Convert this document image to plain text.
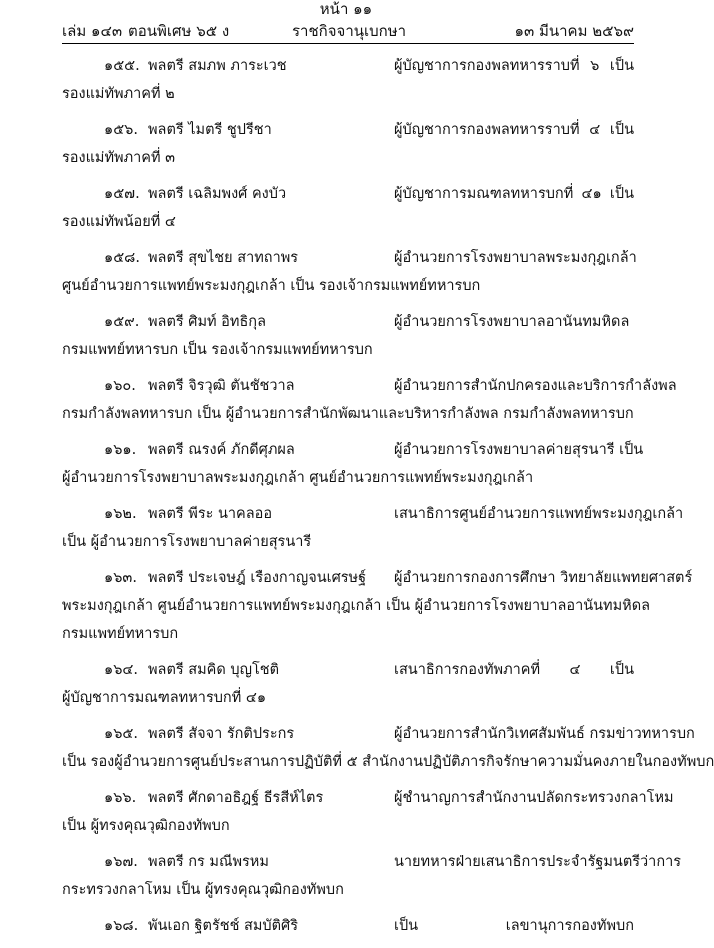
หน้า ๑๑
เล่ม ๑๔๓ ตอนพิเศษ ๖๕ ง	ราชกิจจานุเบกษา	๑๓ มีนาคม ๒๕๖๙
๑๕๕. พลตรี สมภพ ภาระเวช	ผู้บัญชาการกองพลทหารราบที่ ๖ เป็น
รองแม่ทัพภาคที่ ๒
๑๕๖. พลตรี ไมตรี ชูปรีชา	ผู้บัญชาการกองพลทหารราบที่ ๔ เป็น
รองแม่ทัพภาคที่ ๓
๑๕๗. พลตรี เฉลิมพงศ์ คงบัว	ผู้บัญชาการมณฑลทหารบกที่ ๔๑ เป็น
รองแม่ทัพน้อยที่ ๔
๑๕๘. พลตรี สุขไชย สาทถาพร	ผู้อำนวยการโรงพยาบาลพระมงกุฎเกล้า
ศูนย์อำนวยการแพทย์พระมงกุฎเกล้า เป็น รองเจ้ากรมแพทย์ทหารบก
๑๕๙. พลตรี ศิมท์ อิทธิกุล	ผู้อำนวยการโรงพยาบาลอานันทมหิดล
กรมแพทย์ทหารบก เป็น รองเจ้ากรมแพทย์ทหารบก
๑๖๐. พลตรี จิรวุฒิ ตันชัชวาล	ผู้อำนวยการสำนักปกครองและบริการกำลังพล
กรมกำลังพลทหารบก เป็น ผู้อำนวยการสำนักพัฒนาและบริหารกำลังพล กรมกำลังพลทหารบก
๑๖๑. พลตรี ณรงค์ ภักดีศุภผล	ผู้อำนวยการโรงพยาบาลค่ายสุรนารี เป็น
ผู้อำนวยการโรงพยาบาลพระมงกุฎเกล้า ศูนย์อำนวยการแพทย์พระมงกุฎเกล้า
๑๖๒. พลตรี พีระ นาคลออ	เสนาธิการศูนย์อำนวยการแพทย์พระมงกุฎเกล้า
เป็น ผู้อำนวยการโรงพยาบาลค่ายสุรนารี
๑๖๓. พลตรี ประเจษฎ์ เรืองกาญจนเศรษฐ์ ผู้อำนวยการกองการศึกษา วิทยาลัยแพทยศาสตร์
พระมงกุฎเกล้า ศูนย์อำนวยการแพทย์พระมงกุฎเกล้า เป็น ผู้อำนวยการโรงพยาบาลอานันทมหิดล
กรมแพทย์ทหารบก
๑๖๔. พลตรี สมคิด บุญโชติ	เสนาธิการกองทัพภาคที่ ๔ เป็น
ผู้บัญชาการมณฑลทหารบกที่ ๔๑
๑๖๕. พลตรี สัจจา รักติประกร	ผู้อำนวยการสำนักวิเทศสัมพันธ์ กรมข่าวทหารบก
เป็น รองผู้อำนวยการศูนย์ประสานการปฏิบัติที่ ๕ สำนักงานปฏิบัติภารกิจรักษาความมั่นคงภายในกองทัพบก
๑๖๖. พลตรี ศักดาอธิฎฐ์ ธีรสีห์ไตร	ผู้ชำนาญการสำนักงานปลัดกระทรวงกลาโหม
เป็น ผู้ทรงคุณวุฒิกองทัพบก
๑๖๗. พลตรี กร มณีพรหม	นายทหารฝ่ายเสนาธิการประจำรัฐมนตรีว่าการ
กระทรวงกลาโหม เป็น ผู้ทรงคุณวุฒิกองทัพบก
๑๖๘. พันเอก ฐิตรัชช์ สมบัติศิริ	เป็น เลขานุการกองทัพบก
